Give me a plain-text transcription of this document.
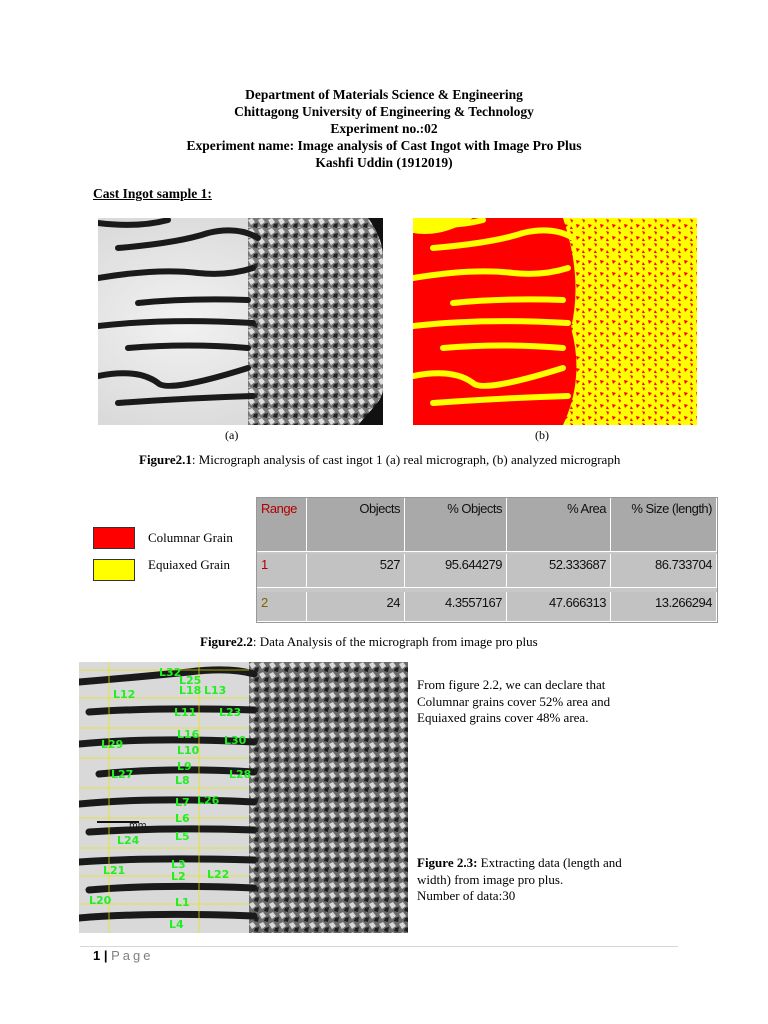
Department of Materials Science & Engineering
Chittagong University of Engineering & Technology
Experiment no.:02
Experiment name: Image analysis of Cast Ingot with Image Pro Plus
Kashfi Uddin (1912019)
Cast Ingot sample 1:
(a)	(b)
Figure2.1: Micrograph analysis of cast ingot 1 (a) real micrograph, (b) analyzed micrograph
Columnar Grain
Equiaxed Grain
Range	Objects	% Objects	% Area	% Size (length)
1	527	95.644279	52.333687	86.733704
2	24	4.3557167	47.666313	13.266294
Figure2.2: Data Analysis of the micrograph from image pro plus
L32
L25
L18 L13
L12
L11 L23
L16
L29	L30
L10
L9
L27	L8	L28
L7 L26
L6
L5
L24
L3
L2
L21	L22
L1
L20
L4
mm
From figure 2.2, we can declare that
Columnar grains cover 52% area and
Equiaxed grains cover 48% area.
Figure 2.3: Extracting data (length and
width) from image pro plus.
Number of data:30
1 | Page
